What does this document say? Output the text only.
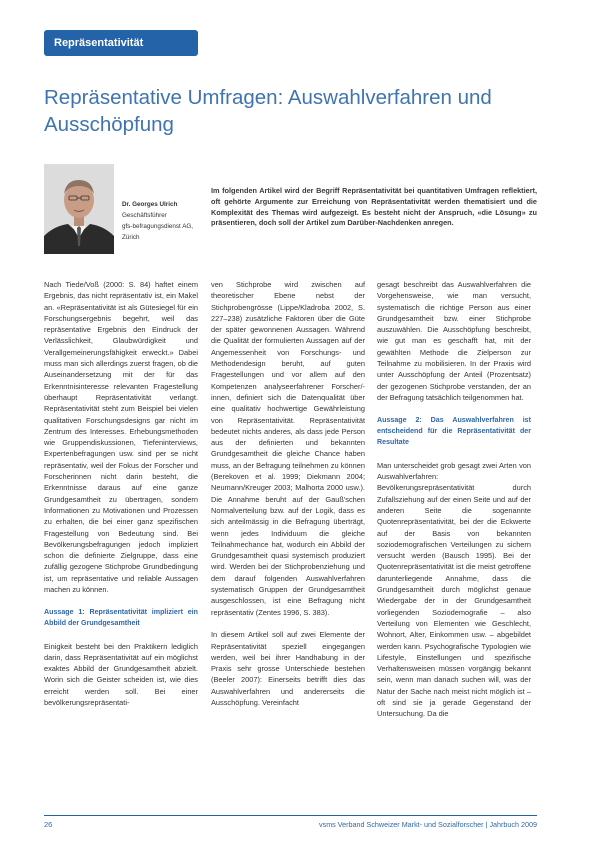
Repräsentativität
Repräsentative Umfragen: Auswahlverfahren und Ausschöpfung
Dr. Georges Ulrich
Geschäftsführer
gfs-befragungsdienst AG,
Zürich

Im folgenden Artikel wird der Begriff Repräsentativität bei quantitativen Umfragen reflektiert, oft gehörte Argumente zur Erreichung von Repräsentativität werden thematisiert und die Komplexität des Themas wird aufgezeigt. Es besteht nicht der Anspruch, «die Lösung» zu präsentieren, doch soll der Artikel zum Darüber-Nachdenken anregen.

Nach Tiede/Voß (2000: S. 84) haftet einem Ergebnis, das nicht repräsentativ ist, ein Makel an. «Repräsentativität ist als Gütesiegel für ein Forschungsergebnis begehrt, weil das repräsentative Ergebnis den Eindruck der Verlässlichkeit, Glaubwürdigkeit und Verallgemeinerungsfähigkeit erweckt.» Dabei muss man sich allerdings zuerst fragen, ob die Auseinandersetzung mit der für das Erkenntnisinteresse relevanten Fragestellung überhaupt Repräsentativität verlangt. Repräsentativität steht zum Beispiel bei vielen qualitativen Forschungsdesigns gar nicht im Zentrum des Interesses. Erhebungsmethoden wie Gruppendiskussionen, Tiefeninterviews, Expertenbefragungen usw. sind per se nicht repräsentativ, weil der Fokus der Forscher und Forscherinnen nicht darin besteht, die Erkenntnisse daraus auf eine ganze Grundgesamtheit zu übertragen, sondern Informationen zu Motivationen und Prozessen zu erhalten, die bei einer ganz spezifischen Fragestellung von Bedeutung sind. Bei Bevölkerungsbefragungen jedoch impliziert schon die definierte Zielgruppe, dass eine zufällig gezogene Stichprobe Grundbedingung ist, um repräsentative und reliable Aussagen machen zu können.

Aussage 1: Repräsentativität impliziert ein Abbild der Grundgesamtheit

Einigkeit besteht bei den Praktikern lediglich darin, dass Repräsentativität auf ein möglichst exaktes Abbild der Grundgesamtheit abzielt. Worin sich die Geister scheiden ist, wie dies erreicht werden soll. Bei einer bevölkerungsrepräsentati-

ven Stichprobe wird zwischen auf theoretischer Ebene nebst der Stichprobengrösse (Lippe/Kladroba 2002, S. 227–238) zusätzliche Faktoren über die Güte der später gewonnenen Aussagen. Während die Qualität der formulierten Aussagen auf der Angemessenheit von Forschungs- und Methodendesign beruht, auf guten Fragestellungen und vor allem auf den Kompetenzen analyseerfahrener Forscher/-innen, definiert sich die Datenqualität über eine qualitativ hochwertige Gewährleistung von Repräsentativität. Repräsentativität bedeutet nichts anderes, als dass jede Person aus der definierten und bekannten Grundgesamtheit die gleiche Chance haben muss, an der Befragung teilnehmen zu können (Berekoven et al. 1999; Diekmann 2004; Neumann/Kreuger 2003; Malhorta 2000 usw.). Die Annahme beruht auf der Gauß'schen Normalverteilung bzw. auf der Logik, dass es sich anteilmässig in die Befragung überträgt, wenn jedes Individuum die gleiche Teilnahmechance hat, wodurch ein Abbild der Grundgesamtheit quasi systemisch produziert wird. Werden bei der Stichprobenziehung und dem darauf folgenden Auswahlverfahren systematisch Gruppen der Grundgesamtheit ausgeschlossen, ist eine Befragung nicht repräsentativ (Zentes 1996, S. 383).

In diesem Artikel soll auf zwei Elemente der Repräsentativität speziell eingegangen werden, weil bei ihrer Handhabung in der Praxis sehr grosse Unterschiede bestehen (Beeler 2007): Einerseits betrifft dies das Auswahlverfahren und andererseits die Ausschöpfung. Vereinfacht

gesagt beschreibt das Auswahlverfahren die Vorgehensweise, wie man versucht, systematisch die richtige Person aus einer Grundgesamtheit bzw. einer Stichprobe auszuwählen. Die Ausschöpfung beschreibt, wie gut man es geschafft hat, mit der gewählten Methode die Zielperson zur Teilnahme zu mobilisieren. In der Praxis wird unter Ausschöpfung der Anteil (Prozentsatz) der gezogenen Stichprobe verstanden, der an der Befragung tatsächlich teilgenommen hat.

Aussage 2: Das Auswahlverfahren ist entscheidend für die Repräsentativität der Resultate

Man unterscheidet grob gesagt zwei Arten von Auswahlverfahren: Bevölkerungsrepräsentativität durch Zufallsziehung auf der einen Seite und auf der anderen Seite die sogenannte Quotenrepräsentativität, bei der die Eckwerte auf der Basis von bekannten soziodemografischen Verteilungen zu sichern versucht werden (Bausch 1995). Bei der Quotenrepräsentativität ist die meist getroffene darunterliegende Annahme, dass die Grundgesamtheit durch möglichst genaue Wiedergabe der in der Grundgesamtheit vorliegenden Soziodemografie – also Verteilung von Elementen wie Geschlecht, Wohnort, Alter, Einkommen usw. – abgebildet werden kann. Psychografische Typologien wie Lifestyle, Einstellungen und spezifische Verhaltensweisen müssen vorgängig bekannt sein, wenn man danach suchen will, was der Natur der Sache nach meist nicht möglich ist – oft sind sie ja gerade Gegenstand der Untersuchung. Da die

26	vsms Verband Schweizer Markt- und Sozialforscher | Jahrbuch 2009
